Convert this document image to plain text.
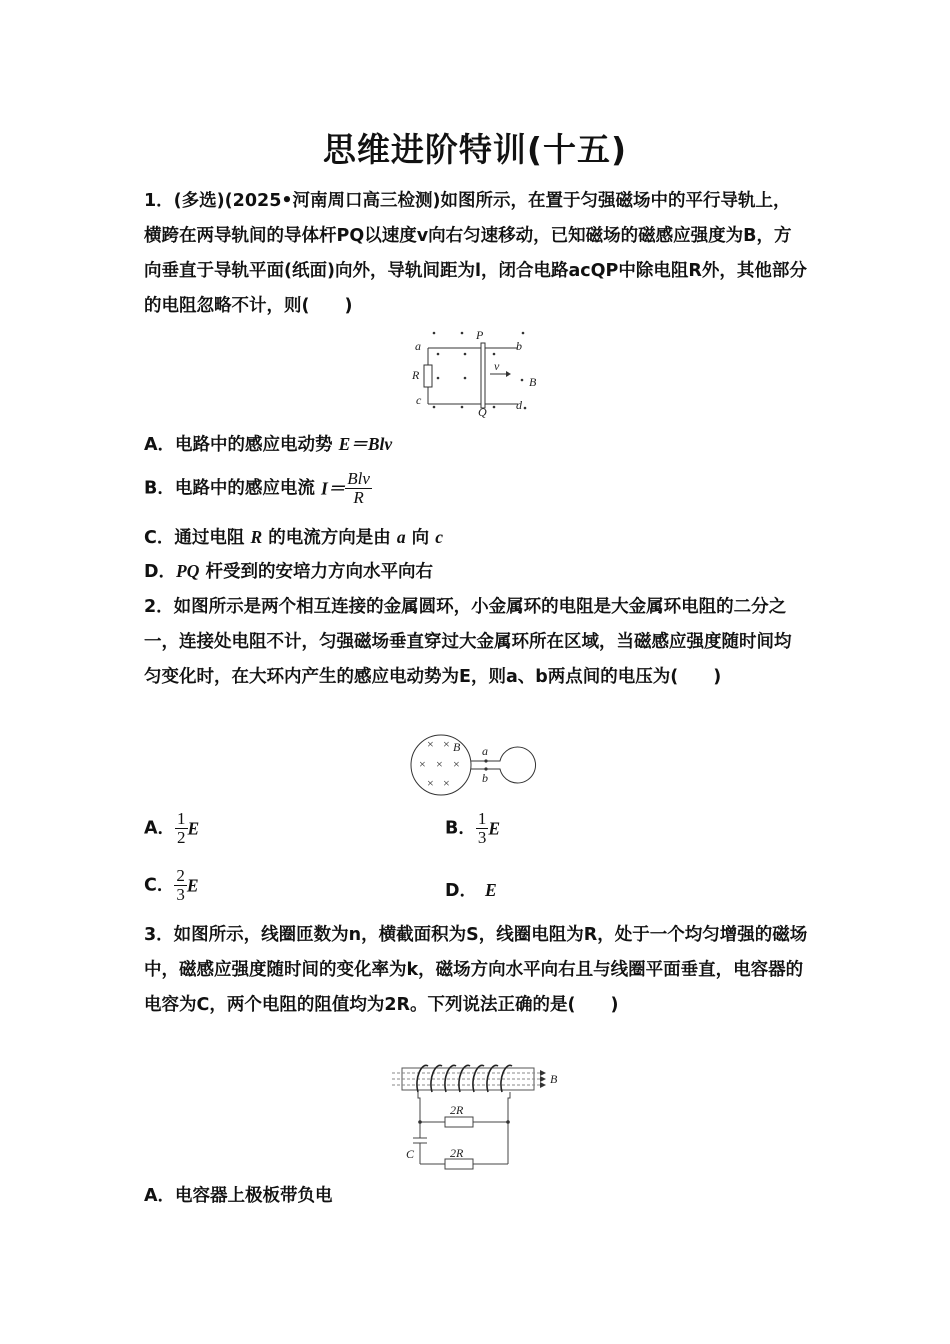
思维进阶特训(十五)
1．(多选)(2025•河南周口高三检测)如图所示，在置于匀强磁场中的平行导轨上，横跨在两导轨间的导体杆PQ以速度v向右匀速移动，已知磁场的磁感应强度为B，方向垂直于导轨平面(纸面)向外，导轨间距为l，闭合电路acQP中除电阻R外，其他部分的电阻忽略不计，则(　　)
a
P
b
R
v
B
c
Q d
A．电路中的感应电动势 E＝Blv
B．电路中的感应电流 $I= \frac{\text{Blv}}{R}$
C．通过电阻 R 的电流方向是由 a 向 c
D．PQ 杆受到的安培力方向水平向右
2．如图所示是两个相互连接的金属圆环，小金属环的电阻是大金属环电阻的二分之一，连接处电阻不计，匀强磁场垂直穿过大金属环所在区域，当磁感应强度随时间均匀变化时，在大环内产生的感应电动势为E，则a、b两点间的电压为(　　)
× ×
× × ×
× ×
B a
b
A． $\frac{1}{2}$ E	B． $\frac{1}{3}$ E
C． $\frac{2}{3}$ E	D． E
3．如图所示，线圈匝数为n，横截面积为S，线圈电阻为R，处于一个均匀增强的磁场中，磁感应强度随时间的变化率为k，磁场方向水平向右且与线圈平面垂直，电容器的电容为C，两个电阻的阻值均为2R。下列说法正确的是(　　)
B
2R
2R
C
A．电容器上极板带负电
